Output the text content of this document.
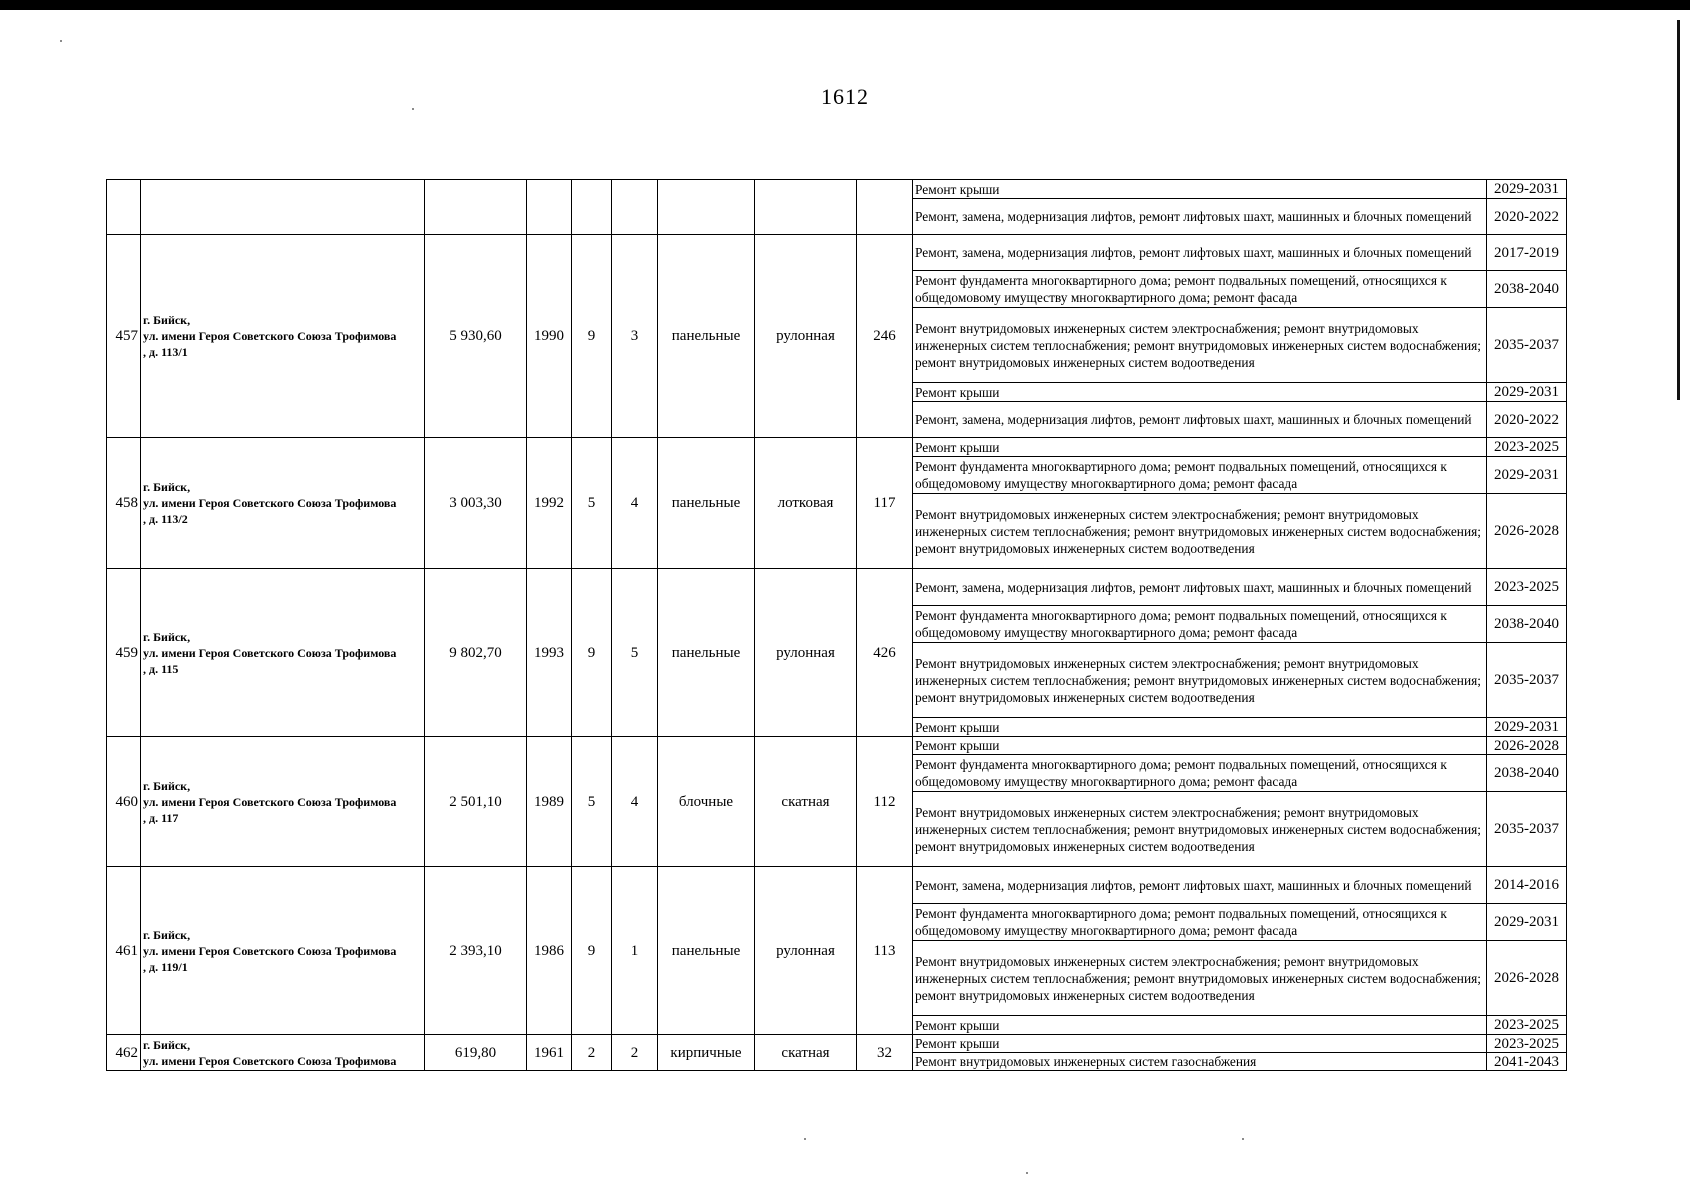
1612
									Ремонт крыши	2029-2031
									Ремонт, замена, модернизация лифтов, ремонт лифтовых шахт, машинных и блочных помещений	2020-2022
457	г. Бийск,
ул. имени Героя Советского Союза Трофимова
, д. 113/1	5 930,60	1990	9	3	панельные	рулонная	246	Ремонт, замена, модернизация лифтов, ремонт лифтовых шахт, машинных и блочных помещений	2017-2019
									Ремонт фундамента многоквартирного дома; ремонт подвальных помещений, относящихся к общедомовому имуществу многоквартирного дома; ремонт фасада	2038-2040
									Ремонт внутридомовых инженерных систем электроснабжения; ремонт внутридомовых инженерных систем теплоснабжения; ремонт внутридомовых инженерных систем водоснабжения; ремонт внутридомовых инженерных систем водоотведения	2035-2037
									Ремонт крыши	2029-2031
									Ремонт, замена, модернизация лифтов, ремонт лифтовых шахт, машинных и блочных помещений	2020-2022
458	г. Бийск,
ул. имени Героя Советского Союза Трофимова
, д. 113/2	3 003,30	1992	5	4	панельные	лотковая	117	Ремонт крыши	2023-2025
									Ремонт фундамента многоквартирного дома; ремонт подвальных помещений, относящихся к общедомовому имуществу многоквартирного дома; ремонт фасада	2029-2031
									Ремонт внутридомовых инженерных систем электроснабжения; ремонт внутридомовых инженерных систем теплоснабжения; ремонт внутридомовых инженерных систем водоснабжения; ремонт внутридомовых инженерных систем водоотведения	2026-2028
459	г. Бийск,
ул. имени Героя Советского Союза Трофимова
, д. 115	9 802,70	1993	9	5	панельные	рулонная	426	Ремонт, замена, модернизация лифтов, ремонт лифтовых шахт, машинных и блочных помещений	2023-2025
									Ремонт фундамента многоквартирного дома; ремонт подвальных помещений, относящихся к общедомовому имуществу многоквартирного дома; ремонт фасада	2038-2040
									Ремонт внутридомовых инженерных систем электроснабжения; ремонт внутридомовых инженерных систем теплоснабжения; ремонт внутридомовых инженерных систем водоснабжения; ремонт внутридомовых инженерных систем водоотведения	2035-2037
									Ремонт крыши	2029-2031
460	г. Бийск,
ул. имени Героя Советского Союза Трофимова
, д. 117	2 501,10	1989	5	4	блочные	скатная	112	Ремонт крыши	2026-2028
									Ремонт фундамента многоквартирного дома; ремонт подвальных помещений, относящихся к общедомовому имуществу многоквартирного дома; ремонт фасада	2038-2040
									Ремонт внутридомовых инженерных систем электроснабжения; ремонт внутридомовых инженерных систем теплоснабжения; ремонт внутридомовых инженерных систем водоснабжения; ремонт внутридомовых инженерных систем водоотведения	2035-2037
461	г. Бийск,
ул. имени Героя Советского Союза Трофимова
, д. 119/1	2 393,10	1986	9	1	панельные	рулонная	113	Ремонт, замена, модернизация лифтов, ремонт лифтовых шахт, машинных и блочных помещений	2014-2016
									Ремонт фундамента многоквартирного дома; ремонт подвальных помещений, относящихся к общедомовому имуществу многоквартирного дома; ремонт фасада	2029-2031
									Ремонт внутридомовых инженерных систем электроснабжения; ремонт внутридомовых инженерных систем теплоснабжения; ремонт внутридомовых инженерных систем водоснабжения; ремонт внутридомовых инженерных систем водоотведения	2026-2028
									Ремонт крыши	2023-2025
462	г. Бийск,
ул. имени Героя Советского Союза Трофимова	619,80	1961	2	2	кирпичные	скатная	32	Ремонт крыши	2023-2025
									Ремонт внутридомовых инженерных систем газоснабжения	2041-2043
